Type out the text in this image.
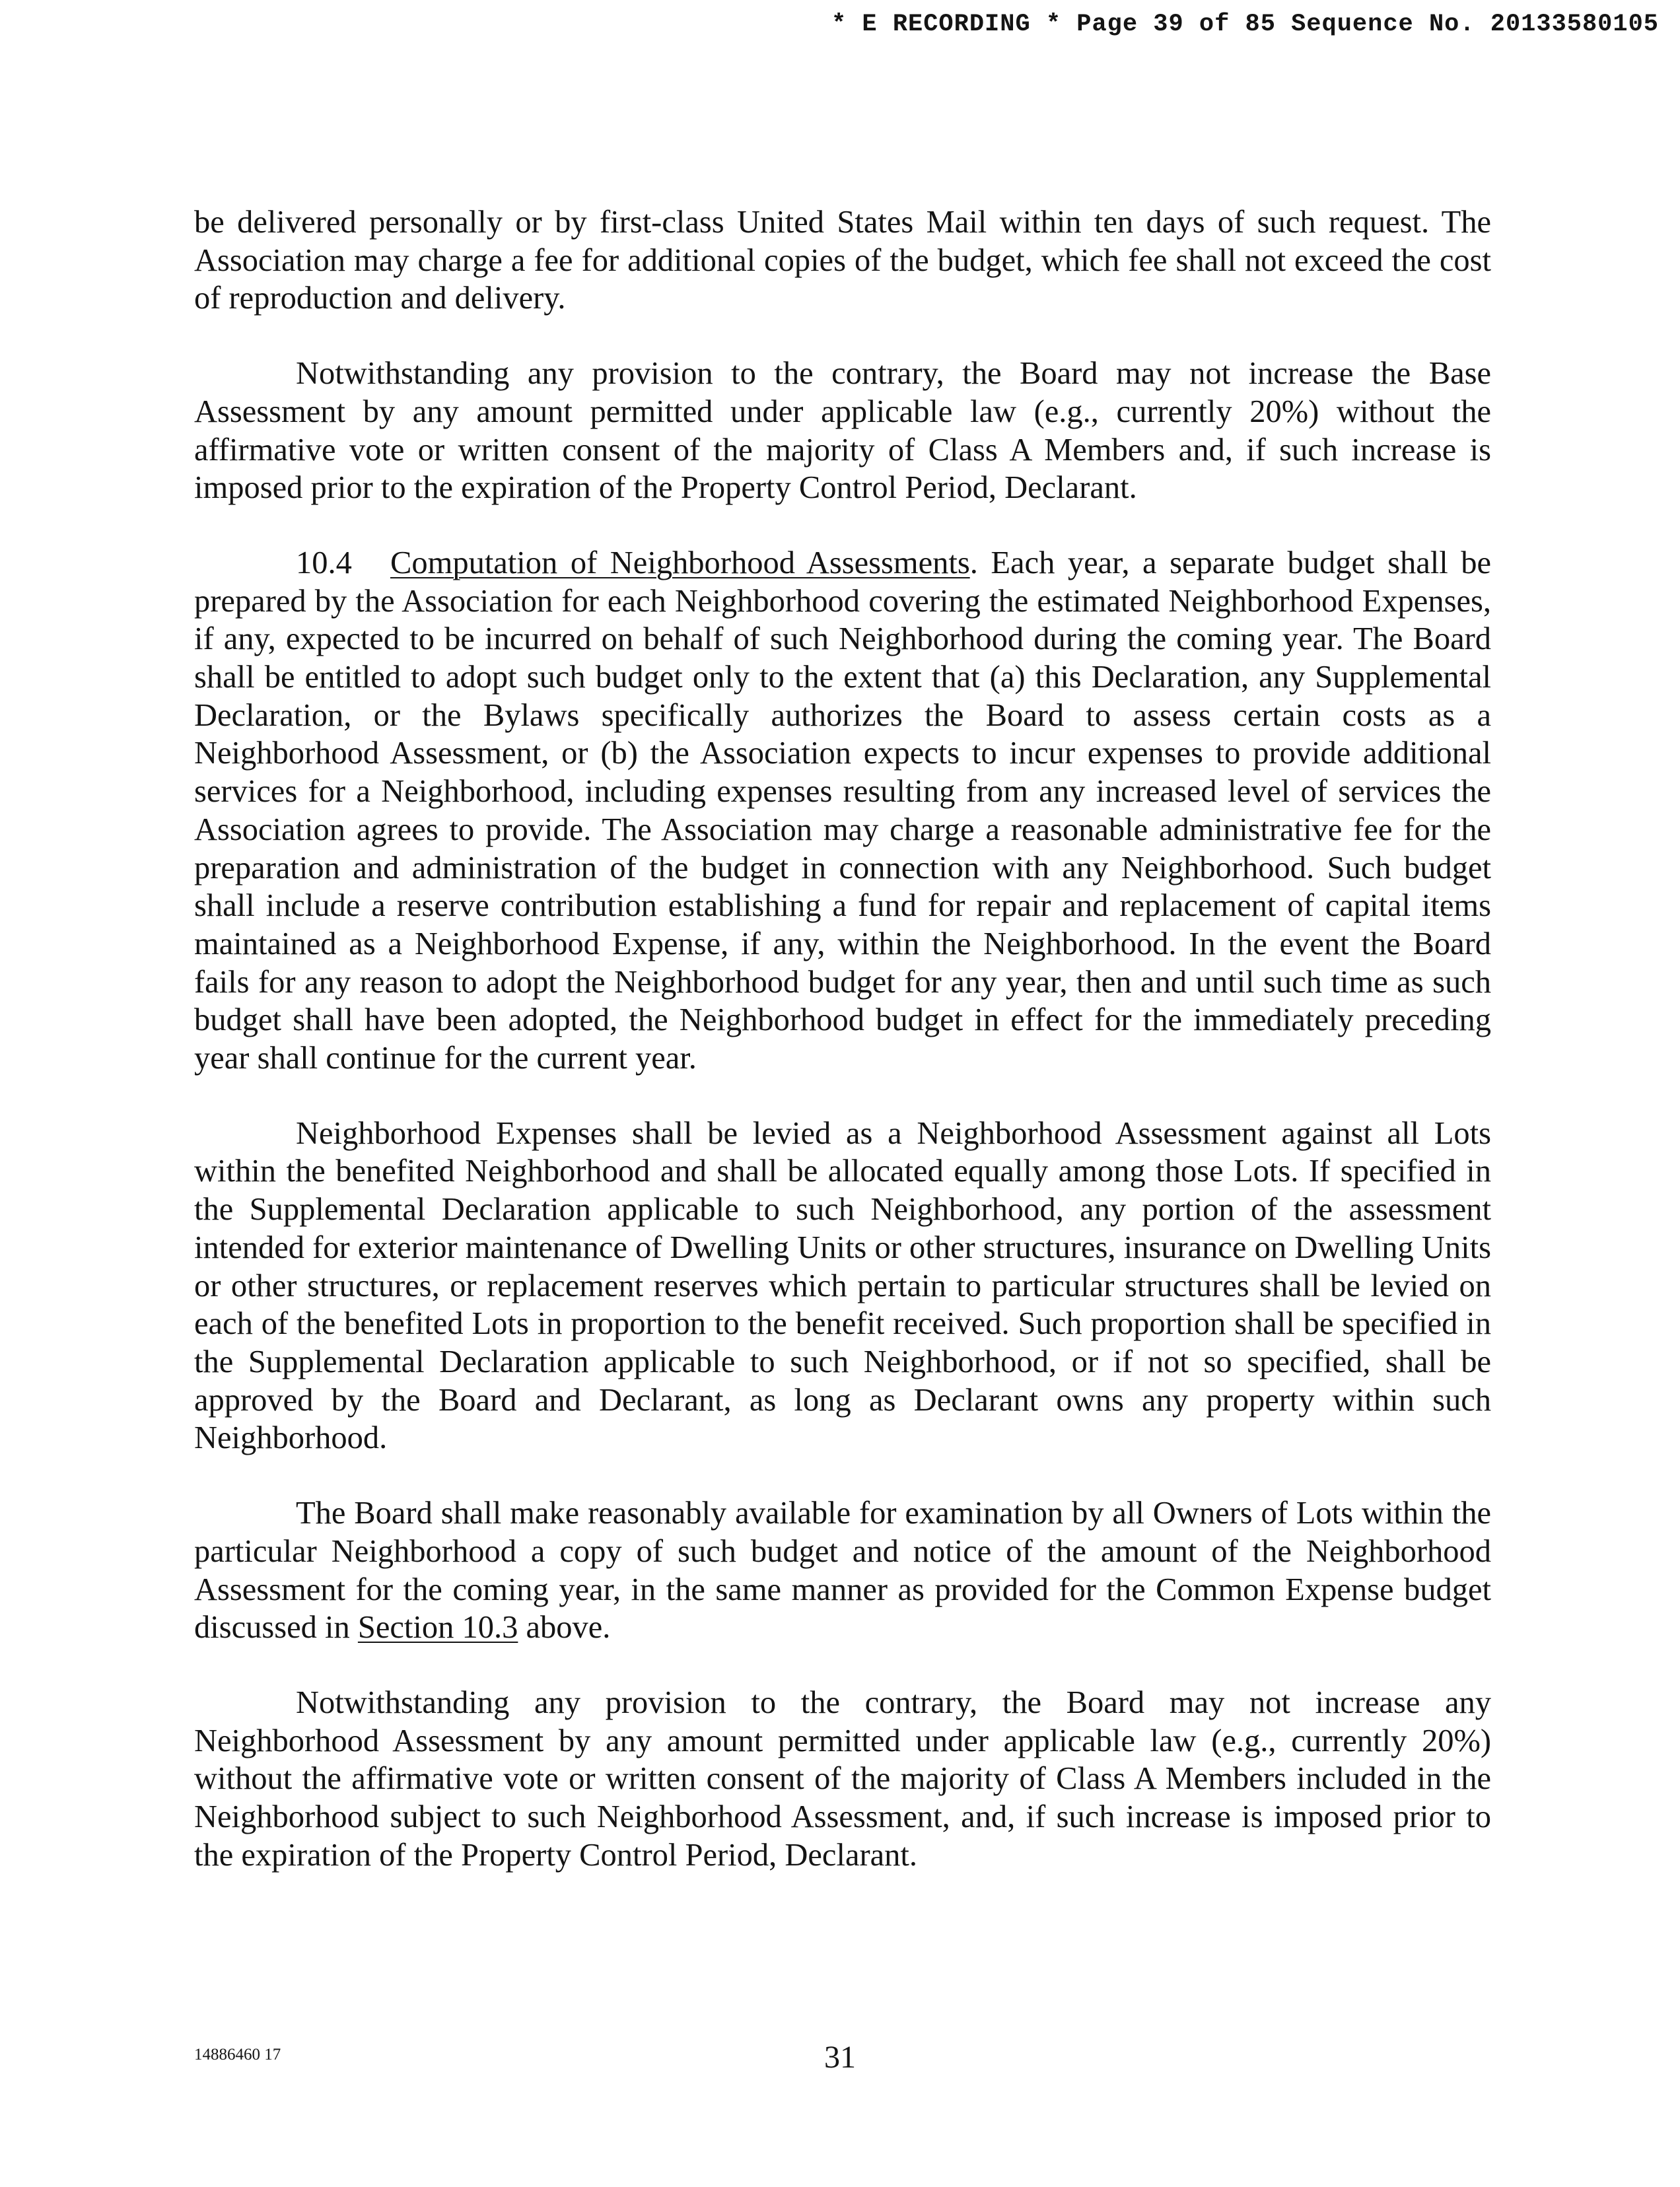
* E RECORDING * Page 39 of 85 Sequence No. 20133580105

be delivered personally or by first-class United States Mail within ten days of such request. The Association may charge a fee for additional copies of the budget, which fee shall not exceed the cost of reproduction and delivery.

Notwithstanding any provision to the contrary, the Board may not increase the Base Assessment by any amount permitted under applicable law (e.g., currently 20%) without the affirmative vote or written consent of the majority of Class A Members and, if such increase is imposed prior to the expiration of the Property Control Period, Declarant.

10.4 Computation of Neighborhood Assessments. Each year, a separate budget shall be prepared by the Association for each Neighborhood covering the estimated Neighborhood Expenses, if any, expected to be incurred on behalf of such Neighborhood during the coming year. The Board shall be entitled to adopt such budget only to the extent that (a) this Declaration, any Supplemental Declaration, or the Bylaws specifically authorizes the Board to assess certain costs as a Neighborhood Assessment, or (b) the Association expects to incur expenses to provide additional services for a Neighborhood, including expenses resulting from any increased level of services the Association agrees to provide. The Association may charge a reasonable administrative fee for the preparation and administration of the budget in connection with any Neighborhood. Such budget shall include a reserve contribution establishing a fund for repair and replacement of capital items maintained as a Neighborhood Expense, if any, within the Neighborhood. In the event the Board fails for any reason to adopt the Neighborhood budget for any year, then and until such time as such budget shall have been adopted, the Neighborhood budget in effect for the immediately preceding year shall continue for the current year.

Neighborhood Expenses shall be levied as a Neighborhood Assessment against all Lots within the benefited Neighborhood and shall be allocated equally among those Lots. If specified in the Supplemental Declaration applicable to such Neighborhood, any portion of the assessment intended for exterior maintenance of Dwelling Units or other structures, insurance on Dwelling Units or other structures, or replacement reserves which pertain to particular structures shall be levied on each of the benefited Lots in proportion to the benefit received. Such proportion shall be specified in the Supplemental Declaration applicable to such Neighborhood, or if not so specified, shall be approved by the Board and Declarant, as long as Declarant owns any property within such Neighborhood.

The Board shall make reasonably available for examination by all Owners of Lots within the particular Neighborhood a copy of such budget and notice of the amount of the Neighborhood Assessment for the coming year, in the same manner as provided for the Common Expense budget discussed in Section 10.3 above.

Notwithstanding any provision to the contrary, the Board may not increase any Neighborhood Assessment by any amount permitted under applicable law (e.g., currently 20%) without the affirmative vote or written consent of the majority of Class A Members included in the Neighborhood subject to such Neighborhood Assessment, and, if such increase is imposed prior to the expiration of the Property Control Period, Declarant.

14886460 17	31
